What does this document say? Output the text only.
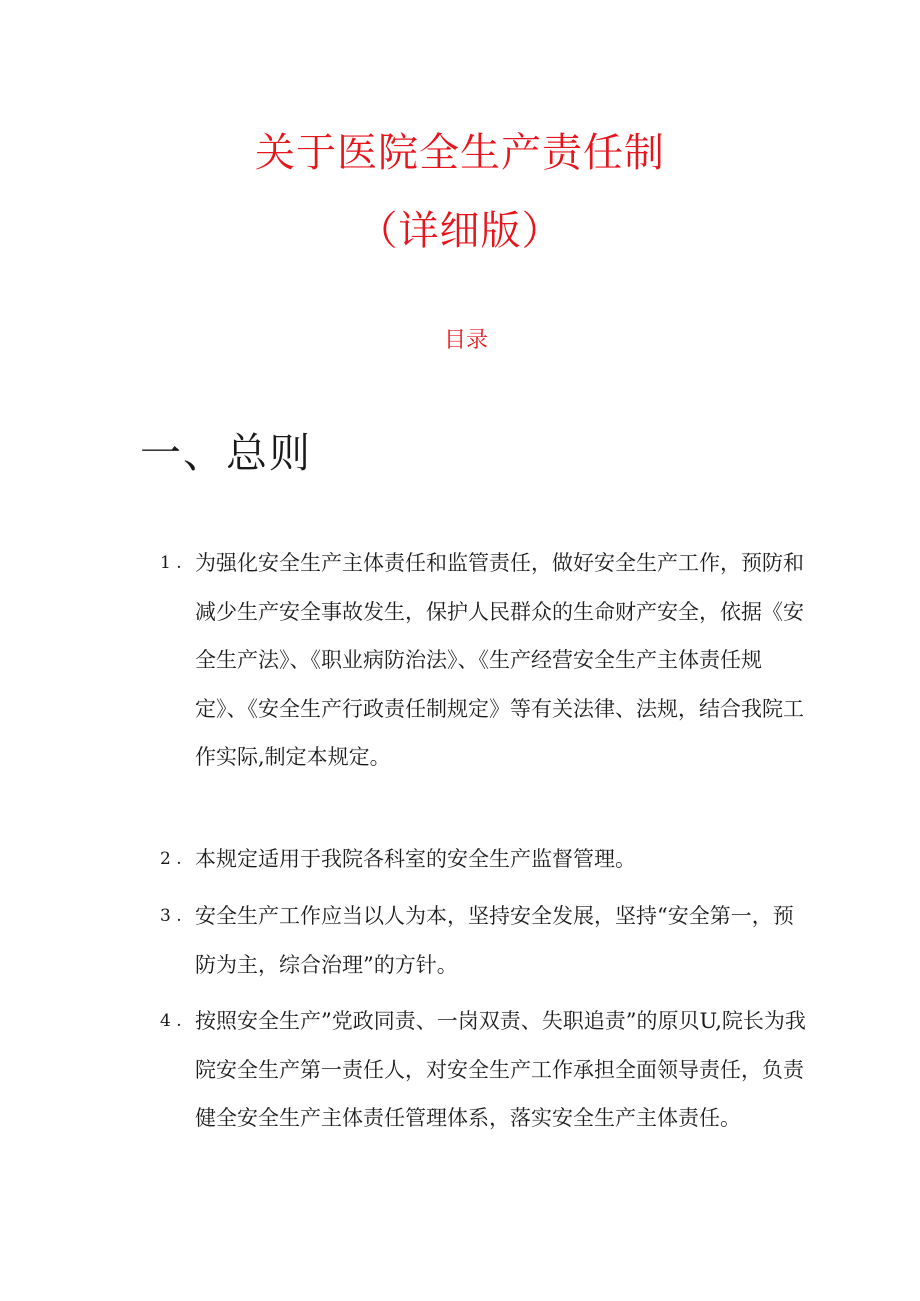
关于医院全生产责任制
（详细版）
目录
一、总则
1 . 为强化安全生产主体责任和监管责任，做好安全生产工作，预防和减少生产安全事故发生，保护人民群众的生命财产安全，依据《安全生产法》、《职业病防治法》、《生产经营安全生产主体责任规定》、《安全生产行政责任制规定》等有关法律、法规，结合我院工作实际,制定本规定。
2 . 本规定适用于我院各科室的安全生产监督管理。
3 . 安全生产工作应当以人为本，坚持安全发展，坚持“安全第一，预防为主，综合治理”的方针。
4 . 按照安全生产”党政同责、一岗双责、失职追责”的原贝U,院长为我院安全生产第一责任人，对安全生产工作承担全面领导责任，负责健全安全生产主体责任管理体系，落实安全生产主体责任。
